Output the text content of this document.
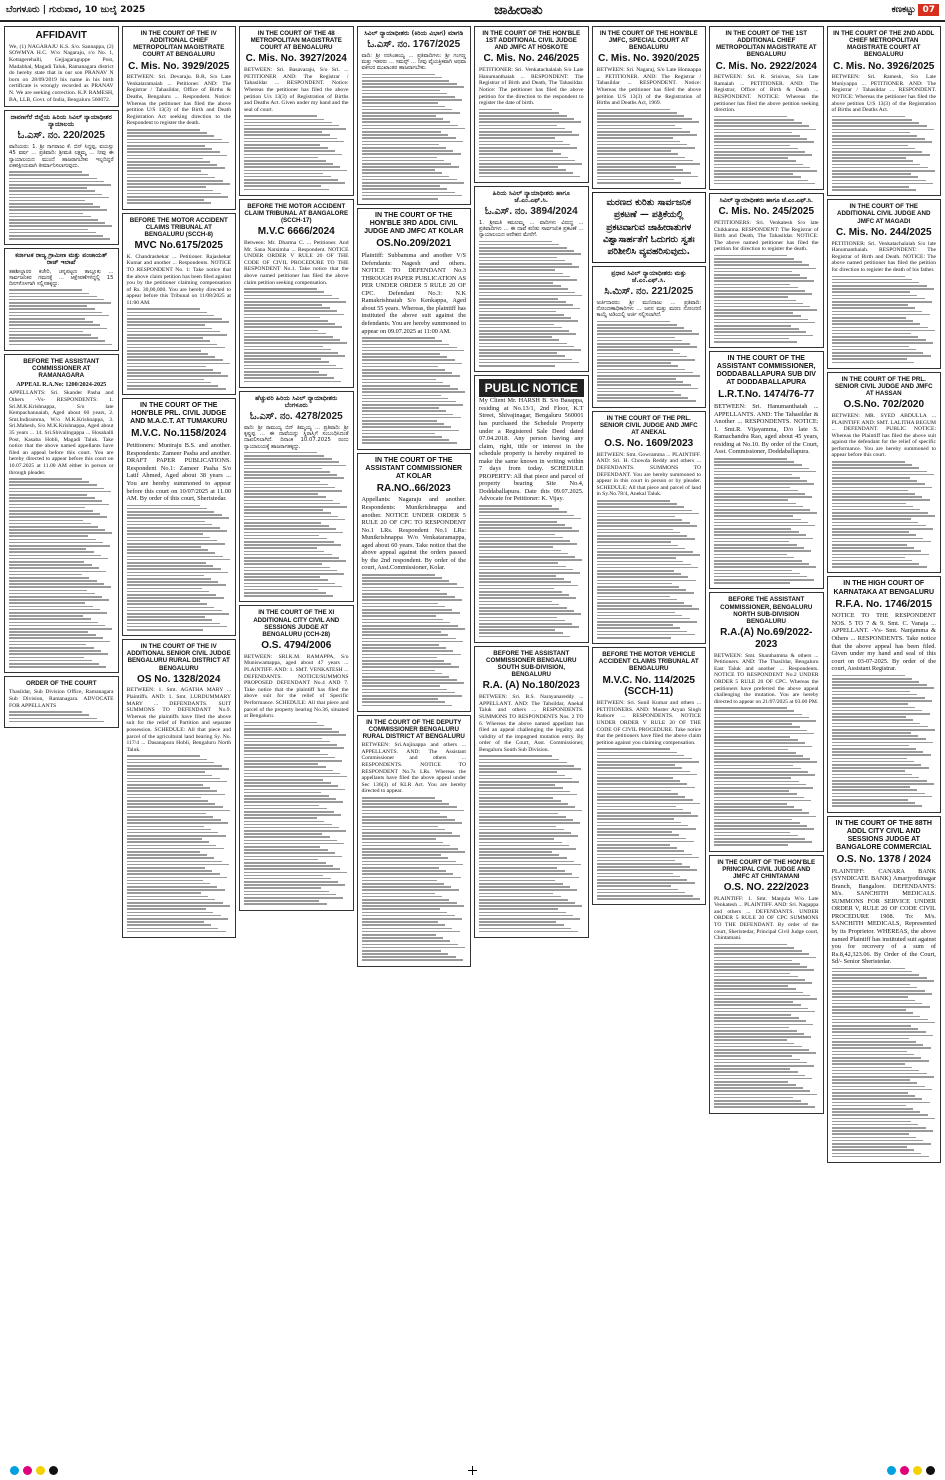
ಬೆಂಗಳೂರು | ಗುರುವಾರ, 10 ಜುಲೈ 2025	ಜಾಹೀರಾತು	ಕಣಕಟ್ಟು 07
AFFIDAVIT
We, (1) NAGARAJU K.S. S/o. Sannappa, (2) SOWMYA H.C. W/o Nagaraju, r/o No. 1, Kottagerehalli, Gejjagaraguppe Post, Madabhal, Magadi Taluk, Ramanagara district do hereby state that in our son PRANAV N born on 28/09/2019 his name in his birth certificate is wrongly recorded as PRANAV N. We are seeking correction. K.P. RAMESH, BA, LLB, Govt. of India, Bengaluru 560072.
ದಾವಣಗೆರೆ ಜಿಲ್ಲೆಯ ಹಿರಿಯ ಸಿವಿಲ್ ನ್ಯಾಯಾಧೀಶರ ನ್ಯಾಯಾಲಯ
ಓ.ಎಸ್. ನಂ. 220/2025
ವಾದಿಯರು: 1. ಶ್ರೀ ನಾಗರಾಜು ಕೆ. ಬಿನ್ ಸಿದ್ದಪ್ಪ, ವಯಸ್ಸು 45 ವರ್ಷ ... ಪ್ರತಿವಾದಿ: ಶ್ರೀಮತಿ ಲಕ್ಷ್ಮಮ್ಮ ... ನೀವು ಈ ನ್ಯಾಯಾಲಯದ ಮುಂದೆ ಹಾಜರಾಗಬೇಕು ಇಲ್ಲದಿದ್ದರೆ ಏಕಪಕ್ಷೀಯವಾಗಿ ತೀರ್ಮಾನಿಸಲಾಗುವುದು.
ಕರ್ನಾಟಕ ರಾಜ್ಯ ಗ್ರಾಮೀಣ ಮತ್ತು ಪಂಚಾಯತ್ ರಾಜ್ ಇಲಾಖೆ
ತಹಶೀಲ್ದಾರರ ಕಚೇರಿ, ಚನ್ನಪಟ್ಟಣ ತಾಲ್ಲೂಕು ... ಸಾರ್ವಜನಿಕರ ಗಮನಕ್ಕೆ ... ಆಕ್ಷೇಪಣೆಗಳಿದ್ದಲ್ಲಿ 15 ದಿನಗಳೊಳಗಾಗಿ ಸಲ್ಲಿಸತಕ್ಕದ್ದು.
BEFORE THE ASSISTANT COMMISSIONER AT RAMANAGARA
APPEAL R.A.No: 1200/2024-2025
APPELLANTS: Sri. Skander Pasha and Others -Vs- RESPONDENTS: 1. Sri.M.K.Krishnappa, S/o late Kempachannaiah, Aged about 60 years, 2. Smt.Indiramma, W/o M.K.Krishnappa, 3. Sri.Mahesh, S/o M.K.Krishnappa, Aged about 35 years ... 14. Sri.Shivalingappa ... Hosahalli Post, Kasaba Hobli, Magadi Taluk. Take notice that the above named appellants have filed an appeal before this court. You are hereby directed to appear before this court on 10.07.2025 at 11.00 AM either in person or through pleader.
ORDER OF THE COURT
Thasildar, Sub Division Office, Ramanagara Sub Division, Ramanagara. ADVOCATE FOR APPELLANTS
IN THE COURT OF THE IV ADDITIONAL CHIEF METROPOLITAN MAGISTRATE COURT AT BENGALURU
C. Mis. No. 3929/2025
BETWEEN: Sri. Devaraju. B.R, S/o Late Venkataramaiah ... Petitioner. AND: The Registrar / Tahasildar, Office of Births & Deaths, Bengaluru ... Respondent. Notice: Whereas the petitioner has filed the above petition U/S 13(3) of the Birth and Death Registration Act seeking direction to the Respondent to register the death.
BEFORE THE MOTOR ACCIDENT CLAIMS TRIBUNAL AT BENGALURU (SCCH-8)
MVC No.6175/2025
K. Chandrashekar ... Petitioner. Rajashekar Kumar and another ... Respondents. NOTICE TO RESPONDENT No. 1: Take notice that the above claim petition has been filed against you by the petitioner claiming compensation of Rs. 30,00,000. You are hereby directed to appear before this Tribunal on 11/08/2025 at 11:00 AM.
IN THE COURT OF THE HON'BLE PRL. CIVIL JUDGE AND M.A.C.T. AT TUMAKURU
M.V.C. No.1158/2024
Petitioners: Muniraju B.S. and another. Respondents: Zameer Pasha and another. DRAFT PAPER PUBLICATIONS. Respondent No.1: Zameer Pasha S/o Latif Ahmed, Aged about 38 years ... You are hereby summoned to appear before this court on 10/07/2025 at 11.00 AM. By order of this court, Sheristedar.
IN THE COURT OF THE IV ADDITIONAL SENIOR CIVIL JUDGE BENGALURU RURAL DISTRICT AT BENGALURU
OS No. 1328/2024
BETWEEN: 1. Smt. AGATHA MARY ... Plaintiffs. AND: 1. Smt. LURDUMMARY MARY ... DEFENDANTS. SUIT SUMMONS TO DEFENDANT No.9. Whereas the plaintiffs have filed the above suit for the relief of Partition and separate possession. SCHEDULE: All that piece and parcel of the agricultural land bearing Sy. No. 117/4 ... Dasanapura Hobli, Bengaluru North Taluk.
IN THE COURT OF THE 48 METROPOLITAN MAGISTRATE COURT AT BENGALURU
C. Mis. No. 3927/2024
BETWEEN: Sri. Basavaraju, S/o Sri. ... PETITIONER AND: The Registrar / Tahasildar ... RESPONDENT. Notice: Whereas the petitioner has filed the above petition U/s 13(3) of Registration of Births and Deaths Act. Given under my hand and the seal of court.
BEFORE THE MOTOR ACCIDENT CLAIM TRIBUNAL AT BANGALORE (SCCH-17)
M.V.C 6666/2024
Between: Mr. Dharma C. ... Petitioner. And Mr. Sana Narsimha ... Respondent. NOTICE UNDER ORDER V RULE 20 OF THE CODE OF CIVIL PROCEDURE TO THE RESPONDENT No.1. Take notice that the above named petitioner has filed the above claim petition seeking compensation.
ಹೆಚ್ಚುವರಿ ಹಿರಿಯ ಸಿವಿಲ್ ನ್ಯಾಯಾಧೀಶರು ಬೆಂಗಳೂರು
ಓ.ಎಸ್. ನಂ. 4278/2025
ವಾದಿ: ಶ್ರೀ ರಾಮಯ್ಯ ಬಿನ್ ತಿಮ್ಮಯ್ಯ ... ಪ್ರತಿವಾದಿ: ಶ್ರೀ ಕೃಷ್ಣಪ್ಪ ... ಈ ದಾವೆಯನ್ನು ಸ್ಥಿರಾಸ್ತಿಗೆ ಸಂಬಂಧಿಸಿದಂತೆ ದಾಖಲಿಸಲಾಗಿದೆ. ದಿನಾಂಕ 10.07.2025 ರಂದು ನ್ಯಾಯಾಲಯಕ್ಕೆ ಹಾಜರಾಗತಕ್ಕದ್ದು.
IN THE COURT OF THE XI ADDITIONAL CITY CIVIL AND SESSIONS JUDGE AT BENGALURU (CCH-28)
O.S. 4794/2006
BETWEEN: SRI.K.M. RAMAPPA, S/o Muniswamappa, aged about 47 years ... PLAINTIFF. AND: 1. SMT. VENKATESH ... DEFENDANTS. NOTICE/SUMMONS PROPOSED DEFENDANT No.4 AND 7. Take notice that the plaintiff has filed the above suit for the relief of Specific Performance. SCHEDULE: All that piece and parcel of the property bearing No.36, situated at Bengaluru.
ಸಿವಿಲ್ ನ್ಯಾಯಾಧೀಶರು (ಕಿರಿಯ ವಿಭಾಗ) ಮಾಗಡಿ
ಓ.ಎಸ್. ನಂ. 1767/2025
ವಾದಿ: ಶ್ರೀ ನರಸಿಂಹಯ್ಯ ... ಪ್ರತಿವಾದಿಗಳು: ಶ್ರೀ ಗಂಗಣ್ಣ ಮತ್ತು ಇತರರು ... ಸಮನ್ಸ್ ... ನೀವು ವೈಯಕ್ತಿಕವಾಗಿ ಅಥವಾ ವಕೀಲರ ಮುಖಾಂತರ ಹಾಜರಾಗಬೇಕು.
IN THE COURT OF THE HON'BLE 3RD ADDL CIVIL JUDGE AND JMFC AT KOLAR
OS.No.209/2021
Plaintiff: Subbamma and another V/S Defendants: Nagesh and others. NOTICE TO DEFENDANT No.3 THROUGH PAPER PUBLICATION AS PER UNDER ORDER 5 RULE 20 OF CPC. Defendant No.3: N.K Ramakrishnaiah S/o Kenkappa, Aged about 55 years. Whereas, the plaintiff has instituted the above suit against the defendants. You are hereby summoned to appear on 09.07.2025 at 11:00 AM.
IN THE COURT OF THE ASSISTANT COMMISSIONER AT KOLAR
RA.NO..66/2023
Appellants: Nagaraju and another. Respondents: Munikrishnappa and another. NOTICE UNDER ORDER 5 RULE 20 OF CPC TO RESPONDENT No.1 LRs. Respondent No.1 LRs: Munikrishnappa W/o Venkataramappa, aged about 60 years. Take notice that the above appeal against the orders passed by the 2nd respondent. By order of the court, Asst.Commissioner, Kolar.
IN THE COURT OF THE DEPUTY COMMISSIONER BENGALURU RURAL DISTRICT AT BENGALURU
BETWEEN: Sri.Anjinappa and others ... APPELLANTS. AND: The Assistant Commissioner and others ... RESPONDENTS. NOTICE TO RESPONDENT No.7s LRs. Whereas the appellants have filed the above appeal under Sec 136(3) of KLR Act. You are hereby directed to appear.
IN THE COURT OF THE HON'BLE 1ST ADDITIONAL CIVIL JUDGE AND JMFC AT HOSKOTE
C. Mis. No. 246/2025
PETITIONER: Sri. Venkatachalaiah S/o Late Hanumanthaiah ... RESPONDENT: The Registrar of Birth and Death, The Tahasildar. Notice: The petitioner has filed the above petition for the direction to the respondent to register the date of birth.
ಹಿರಿಯ ಸಿವಿಲ್ ನ್ಯಾಯಾಧೀಶರು ಹಾಗೂ ಜೆ.ಎಂ.ಎಫ್.ಸಿ.
ಓ.ಎಸ್. ನಂ. 3894/2024
1. ಶ್ರೀಮತಿ ಕಮಲಮ್ಮ ... ವಾದಿಗಳು ವಿರುದ್ಧ ... ಪ್ರತಿವಾದಿಗಳು ... ಈ ದಾವೆ ಕುರಿತು ಸಾರ್ವಜನಿಕ ಪ್ರಕಟಣೆ ... ನ್ಯಾಯಾಲಯದ ಆದೇಶದ ಮೇರೆಗೆ.
PUBLIC NOTICE
My Client Mr. HARSH B. S/o Basappa, residing at No.13/1, 2nd Floor, K.T Street, Shivajinagar, Bengaluru 560001 has purchased the Schedule Property under a Registered Sale Deed dated 07.04.2018. Any person having any claim, right, title or interest in the schedule property is hereby required to make the same known in writing within 7 days from today. SCHEDULE PROPERTY: All that piece and parcel of property bearing Site No.4, Doddaballapura. Date this 09.07.2025. Advocate for Petitioner: K. Vijay.
BEFORE THE ASSISTANT COMMISSIONER BENGALURU SOUTH SUB-DIVISION, BENGALURU
R.A. (A) No.180/2023
BETWEEN: Sri. B.S. Narayanareddy ... APPELLANT. AND: The Tahsildar, Anekal Taluk and others ... RESPONDENTS. SUMMONS TO RESPONDENTS Nos. 2 TO 6. Whereas the above named appellant has filed an appeal challenging the legality and validity of the impugned mutation entry. By order of the Court, Asst. Commissioner, Bengaluru South Sub Division.
IN THE COURT OF THE HON'BLE JMFC, SPECIAL COURT AT BENGALURU
C. Mis. No. 3920/2025
BETWEEN: Sri. Nagaraj, S/o Late Honnappa ... PETITIONER. AND: The Registrar / Tahasildar ... RESPONDENT. Notice: Whereas the petitioner has filed the above petition U/S 13(3) of the Registration of Births and Deaths Act, 1969.
ಮರಣದ ಕುರಿತು ಸಾರ್ವಜನಿಕ ಪ್ರಕಟಣೆ — ಪತ್ರಿಕೆಯಲ್ಲಿ ಪ್ರಕಟವಾಗುವ ಜಾಹೀರಾತುಗಳ ವಿಶ್ವಾಸಾರ್ಹತೆಗೆ ಓದುಗರು ಸ್ವತಃ ಪರಿಶೀಲಿಸಿ ವ್ಯವಹರಿಸುವುದು.
ಪ್ರಧಾನ ಸಿವಿಲ್ ನ್ಯಾಯಾಧೀಶರು ಮತ್ತು ಜೆ.ಎಂ.ಎಫ್.ಸಿ.
ಸಿ.ಮಿಸ್. ನಂ. 221/2025
ಅರ್ಜಿದಾರರು: ಶ್ರೀ ಮುನಿರಾಜು ... ಪ್ರತಿವಾದಿ: ನೋಂದಣಾಧಿಕಾರಿಗಳು ... ಜನನ ಮತ್ತು ಮರಣ ನೋಂದಣಿ ಕಾಯ್ದೆ ಅಡಿಯಲ್ಲಿ ಅರ್ಜಿ ಸಲ್ಲಿಸಲಾಗಿದೆ.
IN THE COURT OF THE PRL. SENIOR CIVIL JUDGE AND JMFC AT ANEKAL
O.S. No. 1609/2023
BETWEEN: Smt. Gowramma ... PLAINTIFF. AND: Sri. H. Chowda Reddy and others ... DEFENDANTS. SUMMONS TO DEFENDANT. You are hereby summoned to appear in this court in person or by pleader. SCHEDULE: All that piece and parcel of land in Sy.No.78/4, Anekal Taluk.
BEFORE THE MOTOR VEHICLE ACCIDENT CLAIMS TRIBUNAL AT BENGALURU
M.V.C. No. 114/2025 (SCCH-11)
BETWEEN: Sri. Sunil Kumar and others ... PETITIONERS. AND: Muster Aryan Singh Rathore ... RESPONDENTS. NOTICE UNDER ORDER V RULE 20 OF THE CODE OF CIVIL PROCEDURE. Take notice that the petitioners have filed the above claim petition against you claiming compensation.
IN THE COURT OF THE 1ST ADDITIONAL CHIEF METROPOLITAN MAGISTRATE AT BENGALURU
C. Mis. No. 2922/2024
BETWEEN: Sri. R. Srinivas, S/o Late Ramaiah ... PETITIONER. AND: The Registrar, Office of Birth & Death ... RESPONDENT. NOTICE: Whereas the petitioner has filed the above petition seeking direction.
ಸಿವಿಲ್ ನ್ಯಾಯಾಧೀಶರು ಹಾಗೂ ಜೆ.ಎಂ.ಎಫ್.ಸಿ.
C. Mis. No. 245/2025
PETITIONERS: Sri. Venkatesh S/o late Chikkanna. RESPONDENT: The Registrar of Birth and Death, The Tahasildar. NOTICE: The above named petitioner has filed the petition for direction to register the death.
IN THE COURT OF THE ASSISTANT COMMISSIONER, DODDABALLAPURA SUB DIV AT DODDABALLAPURA
L.R.T.No. 1474/76-77
BETWEEN: Sri. Hanumanthaiah ... APPELLANTS. AND: The Tahasildar & Another ... RESPONDENTS. NOTICE: 1. Smt.R. Vijayamma, D/o late S. Ramachandra Rao, aged about 45 years, residing at No.10. By order of the Court, Asst. Commissioner, Doddaballapura.
BEFORE THE ASSISTANT COMMISSIONER, BENGALURU NORTH SUB-DIVISION BENGALURU
R.A.(A) No.69/2022-2023
BETWEEN: Smt. Shanthamma & others ... Petitioners. AND: The Thasildar, Bengaluru East Taluk and another ... Respondents. NOTICE TO RESPONDENT No.2 UNDER ORDER 5 RULE 20 OF CPC. Whereas the petitioners have preferred the above appeal challenging the mutation. You are hereby directed to appear on 21/07/2025 at 03.00 PM.
IN THE COURT OF THE HON'BLE PRINCIPAL CIVIL JUDGE AND JMFC AT CHINTAMANI
O.S. NO. 222/2023
PLAINTIFF: 1. Smt. Manjula W/o Late Venkatesh ... PLAINTIFF. AND: Sri. Nagappa and others ... DEFENDANTS. UNDER ORDER 5 RULE 20 OF CPC SUMMONS TO THE DEFENDANT. By order of the court, Sheristedar, Principal Civil Judge court, Chintamani.
IN THE COURT OF THE 2ND ADDL CHIEF METROPOLITAN MAGISTRATE COURT AT BENGALURU
C. Mis. No. 3926/2025
BETWEEN: Sri. Ramesh, S/o Late Muniyappa ... PETITIONER. AND: The Registrar / Tahasildar ... RESPONDENT. NOTICE: Whereas the petitioner has filed the above petition U/S 13(3) of the Registration of Births and Deaths Act.
IN THE COURT OF THE ADDITIONAL CIVIL JUDGE AND JMFC AT MAGADI
C. Mis. No. 244/2025
PETITIONER: Sri. Venkatachalaiah S/o late Hanumanthaiah. RESPONDENT: The Registrar of Birth and Death. NOTICE: The above named petitioner has filed the petition for direction to register the death of his father.
IN THE COURT OF THE PRL. SENIOR CIVIL JUDGE AND JMFC AT HASSAN
O.S.No. 702/2020
BETWEEN: MR. SYED ABDULLA ... PLAINTIFF. AND: SMT. LALITHA BEGUM ... DEFENDANT. PUBLIC NOTICE: Whereas the Plaintiff has filed the above suit against the defendant for the relief of specific performance. You are hereby summoned to appear before this court.
IN THE HIGH COURT OF KARNATAKA AT BENGALURU
R.F.A. No. 1746/2015
NOTICE TO THE RESPONDENT NOS. 5 TO 7 & 9. Smt. C. Vanaja ... APPELLANT. -Vs- Smt. Nanjamma & Others ... RESPONDENTS. Take notice that the above appeal has been filed. Given under my hand and seal of this court on 03-07-2025. By order of the court, Assistant Registrar.
IN THE COURT OF THE 88TH ADDL CITY CIVIL AND SESSIONS JUDGE AT BANGALORE COMMERCIAL
O.S. No. 1378 / 2024
PLAINTIFF: CANARA BANK (SYNDICATE BANK) Amarjyothinagar Branch, Bangalore. DEFENDANTS: M/s. SANCHITH MEDICALS. SUMMONS FOR SERVICE UNDER ORDER V, RULE 20 OF CODE CIVIL PROCEDURE 1908. To: M/s. SANCHITH MEDICALS, Represented by its Proprietor. WHEREAS, the above named Plaintiff has instituted suit against you for recovery of a sum of Rs.8,42,323.06. By Order of the Court, Sd/- Senior Sheristedar.
